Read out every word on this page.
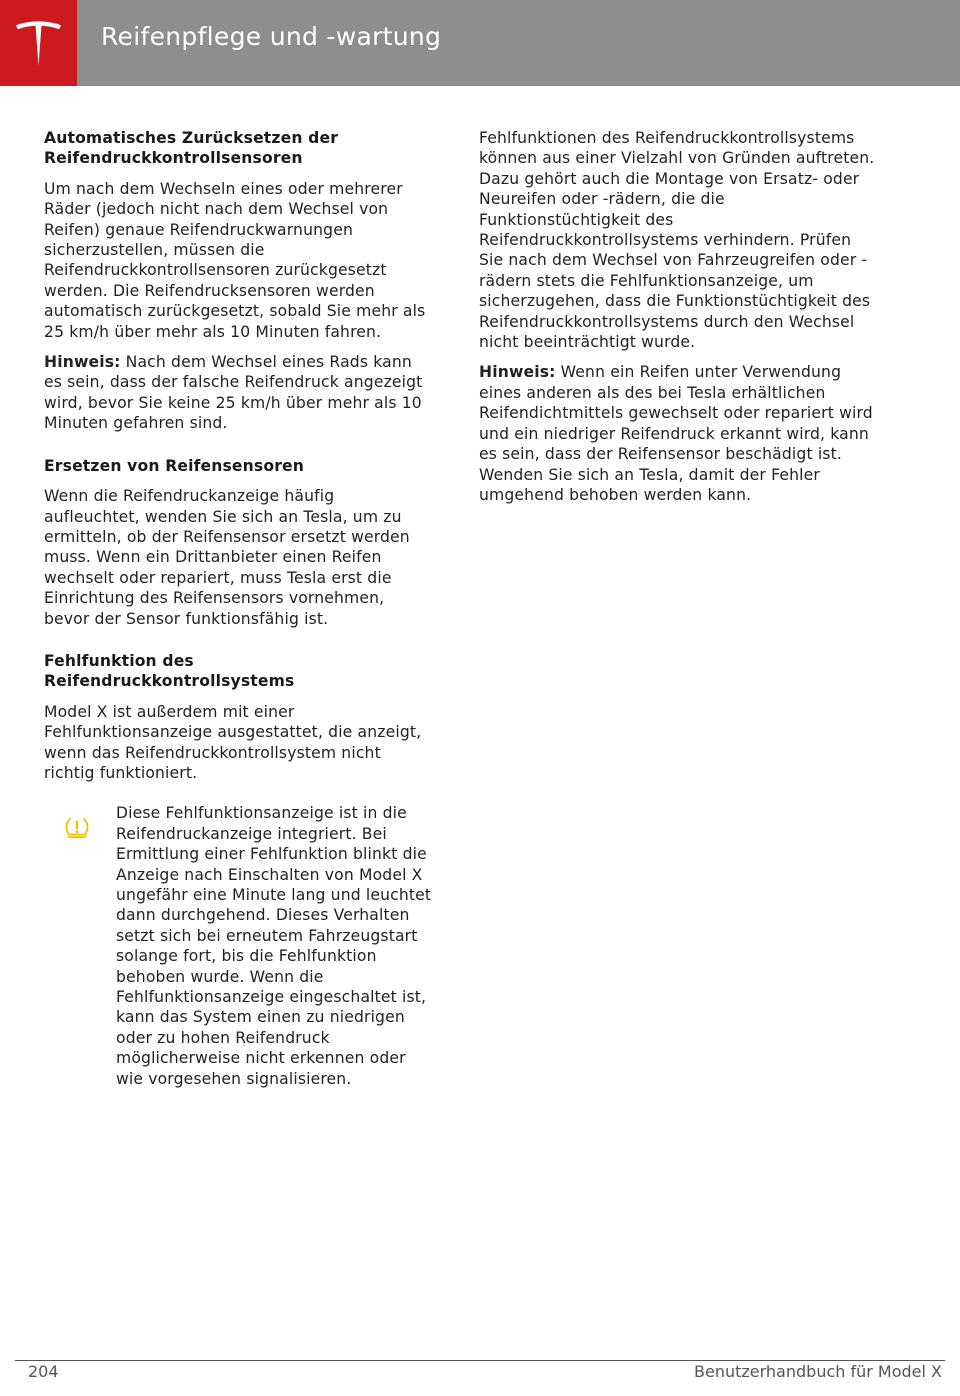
Reifenpflege und -wartung
Automatisches Zurücksetzen der
Reifendruckkontrollsensoren

Um nach dem Wechseln eines oder mehrerer Räder (jedoch nicht nach dem Wechsel von Reifen) genaue Reifendruckwarnungen sicherzustellen, müssen die Reifendruckkontrollsensoren zurückgesetzt werden. Die Reifendrucksensoren werden automatisch zurückgesetzt, sobald Sie mehr als 25 km/h über mehr als 10 Minuten fahren.

Hinweis: Nach dem Wechsel eines Rads kann es sein, dass der falsche Reifendruck angezeigt wird, bevor Sie keine 25 km/h über mehr als 10 Minuten gefahren sind.

Ersetzen von Reifensensoren

Wenn die Reifendruckanzeige häufig aufleuchtet, wenden Sie sich an Tesla, um zu ermitteln, ob der Reifensensor ersetzt werden muss. Wenn ein Drittanbieter einen Reifen wechselt oder repariert, muss Tesla erst die Einrichtung des Reifensensors vornehmen, bevor der Sensor funktionsfähig ist.

Fehlfunktion des Reifendruckkontrollsystems

Model X ist außerdem mit einer Fehlfunktionsanzeige ausgestattet, die anzeigt, wenn das Reifendruckkontrollsystem nicht richtig funktioniert.

Diese Fehlfunktionsanzeige ist in die Reifendruckanzeige integriert. Bei Ermittlung einer Fehlfunktion blinkt die Anzeige nach Einschalten von Model X ungefähr eine Minute lang und leuchtet dann durchgehend. Dieses Verhalten setzt sich bei erneutem Fahrzeugstart solange fort, bis die Fehlfunktion behoben wurde. Wenn die Fehlfunktionsanzeige eingeschaltet ist, kann das System einen zu niedrigen oder zu hohen Reifendruck möglicherweise nicht erkennen oder wie vorgesehen signalisieren.

Fehlfunktionen des Reifendruckkontrollsystems können aus einer Vielzahl von Gründen auftreten. Dazu gehört auch die Montage von Ersatz- oder Neureifen oder -rädern, die die Funktionstüchtigkeit des Reifendruckkontrollsystems verhindern. Prüfen Sie nach dem Wechsel von Fahrzeugreifen oder -rädern stets die Fehlfunktionsanzeige, um sicherzugehen, dass die Funktionstüchtigkeit des Reifendruckkontrollsystems durch den Wechsel nicht beeinträchtigt wurde.

Hinweis: Wenn ein Reifen unter Verwendung eines anderen als des bei Tesla erhältlichen Reifendichtmittels gewechselt oder repariert wird und ein niedriger Reifendruck erkannt wird, kann es sein, dass der Reifensensor beschädigt ist. Wenden Sie sich an Tesla, damit der Fehler umgehend behoben werden kann.

204	Benutzerhandbuch für Model X
